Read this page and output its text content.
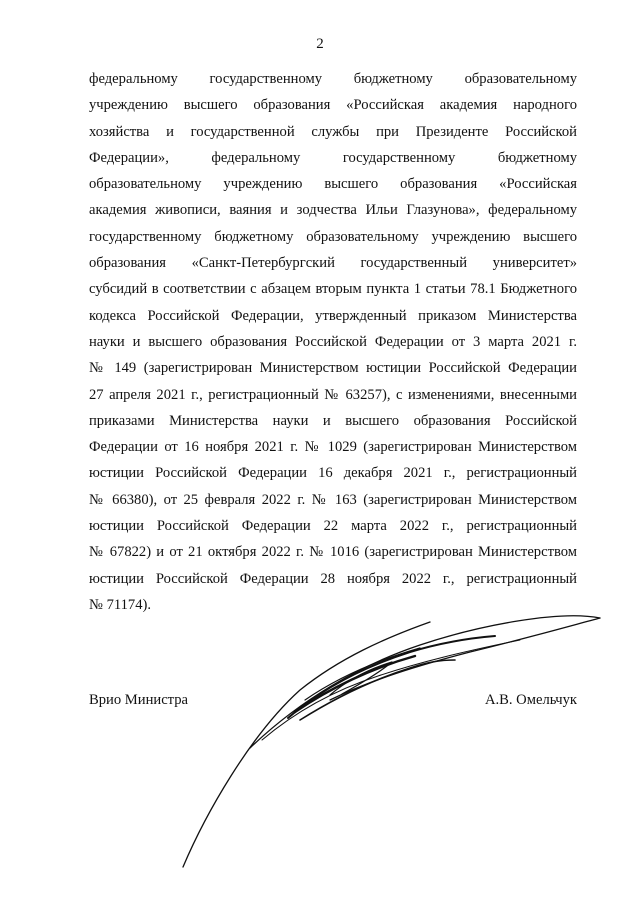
2
федеральному государственному бюджетному образовательному
учреждению высшего образования «Российская академия народного
хозяйства и государственной службы при Президенте Российской
Федерации», федеральному государственному бюджетному
образовательному учреждению высшего образования «Российская
академия живописи, ваяния и зодчества Ильи Глазунова», федеральному
государственному бюджетному образовательному учреждению высшего
образования «Санкт-Петербургский государственный университет»
субсидий в соответствии с абзацем вторым пункта 1 статьи 78.1 Бюджетного
кодекса Российской Федерации, утвержденный приказом Министерства
науки и высшего образования Российской Федерации от 3 марта 2021 г.
№ 149 (зарегистрирован Министерством юстиции Российской Федерации
27 апреля 2021 г., регистрационный № 63257), с изменениями, внесенными
приказами Министерства науки и высшего образования Российской
Федерации от 16 ноября 2021 г. № 1029 (зарегистрирован Министерством
юстиции Российской Федерации 16 декабря 2021 г., регистрационный
№ 66380), от 25 февраля 2022 г. № 163 (зарегистрирован Министерством
юстиции Российской Федерации 22 марта 2022 г., регистрационный
№ 67822) и от 21 октября 2022 г. № 1016 (зарегистрирован Министерством
юстиции Российской Федерации 28 ноября 2022 г., регистрационный
№ 71174).
Врио Министра	А.В. Омельчук
